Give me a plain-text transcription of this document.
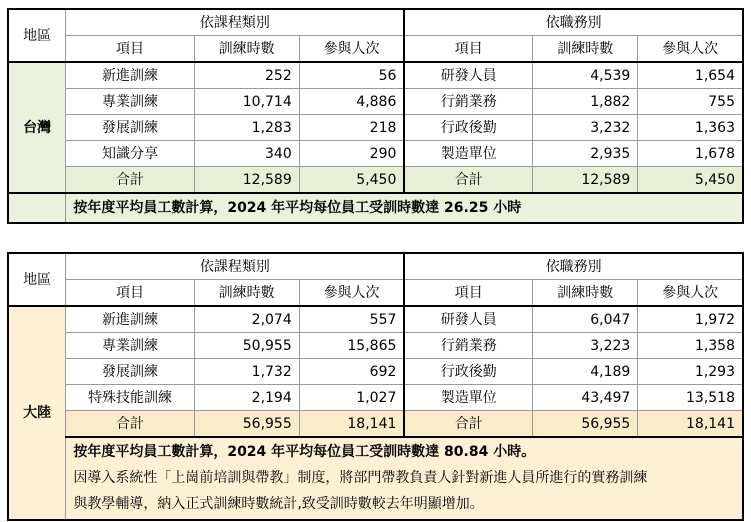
地區	依課程類別			依職務別		
	項目	訓練時數	參與人次	項目	訓練時數	參與人次
台灣	新進訓練	252	56	研發人員	4,539	1,654
	專業訓練	10,714	4,886	行銷業務	1,882	755
	發展訓練	1,283	218	行政後勤	3,232	1,363
	知識分享	340	290	製造單位	2,935	1,678
	合計	12,589	5,450	合計	12,589	5,450
	按年度平均員工數計算，2024 年平均每位員工受訓時數達 26.25 小時					
地區	依課程類別			依職務別		
	項目	訓練時數	參與人次	項目	訓練時數	參與人次
大陸	新進訓練	2,074	557	研發人員	6,047	1,972
	專業訓練	50,955	15,865	行銷業務	3,223	1,358
	發展訓練	1,732	692	行政後勤	4,189	1,293
	特殊技能訓練	2,194	1,027	製造單位	43,497	13,518
	合計	56,955	18,141	合計	56,955	18,141

	按年度平均員工數計算，2024 年平均每位員工受訓時數達 80.84 小時。
因導入系統性「上崗前培訓與帶教」制度，將部門帶教負責人針對新進人員所進行的實務訓練
與教學輔導，納入正式訓練時數統計,致受訓時數較去年明顯增加。					
